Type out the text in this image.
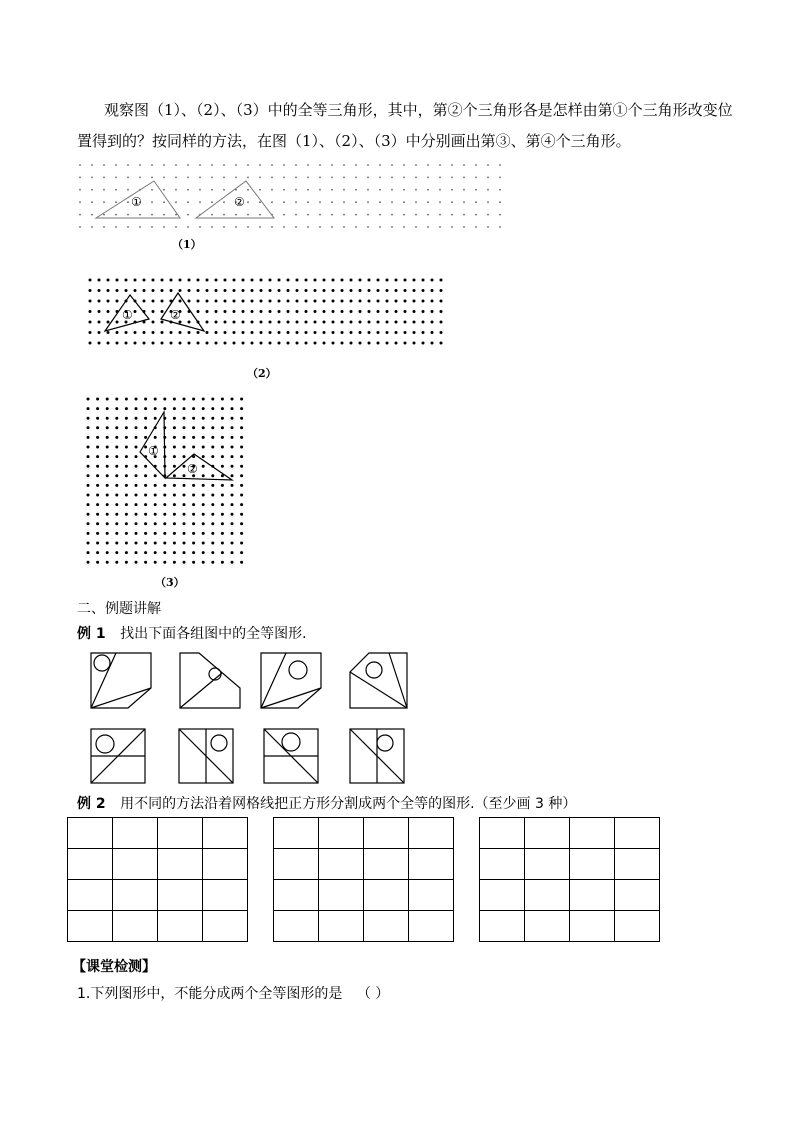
观察图（1）、（2）、（3）中的全等三角形，其中，第②个三角形各是怎样由第①个三角形改变位
置得到的？按同样的方法，在图（1）、（2）、（3）中分别画出第③、第④个三角形。
①	②
（1）
①	②
（2）
①
②
（3）
二、例题讲解
例 1 找出下面各组图中的全等图形．
例 2 用不同的方法沿着网格线把正方形分割成两个全等的图形.（至少画 3 种）

【课堂检测】
1.下列图形中，不能分成两个全等图形的是 （ ）
